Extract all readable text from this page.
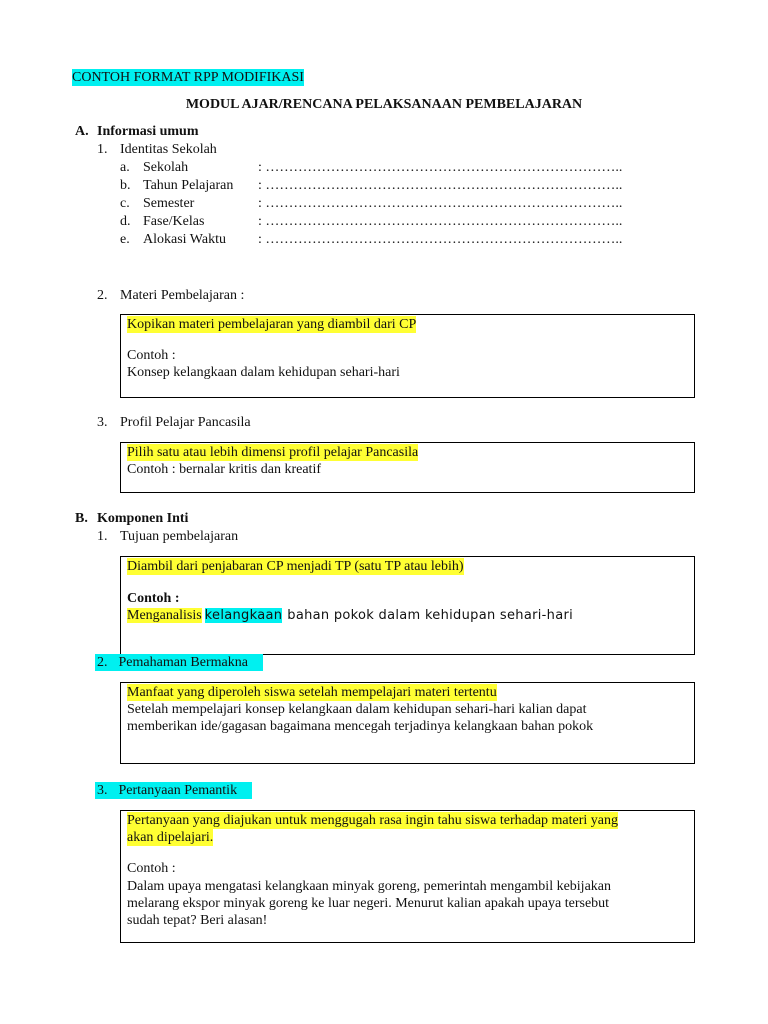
CONTOH FORMAT RPP MODIFIKASI
MODUL AJAR/RENCANA PELAKSANAAN PEMBELAJARAN
A. Informasi umum
1. Identitas Sekolah
a. Sekolah	: …………………………………………………………………..
b. Tahun Pelajaran : …………………………………………………………………..
c. Semester	: …………………………………………………………………..
d. Fase/Kelas	: …………………………………………………………………..
e. Alokasi Waktu : …………………………………………………………………..
2. Materi Pembelajaran :
Kopikan materi pembelajaran yang diambil dari CP
Contoh :
Konsep kelangkaan dalam kehidupan sehari-hari
3. Profil Pelajar Pancasila
Pilih satu atau lebih dimensi profil pelajar Pancasila
Contoh : bernalar kritis dan kreatif
B. Komponen Inti
1. Tujuan pembelajaran
Diambil dari penjabaran CP menjadi TP (satu TP atau lebih)
Contoh :
Menganalisis kelangkaan bahan pokok dalam kehidupan sehari-hari
2. Pemahaman Bermakna
Manfaat yang diperoleh siswa setelah mempelajari materi tertentu
Setelah mempelajari konsep kelangkaan dalam kehidupan sehari-hari kalian dapat
memberikan ide/gagasan bagaimana mencegah terjadinya kelangkaan bahan pokok
3. Pertanyaan Pemantik
Pertanyaan yang diajukan untuk menggugah rasa ingin tahu siswa terhadap materi yang
akan dipelajari.
Contoh :
Dalam upaya mengatasi kelangkaan minyak goreng, pemerintah mengambil kebijakan
melarang ekspor minyak goreng ke luar negeri. Menurut kalian apakah upaya tersebut
sudah tepat? Beri alasan!
